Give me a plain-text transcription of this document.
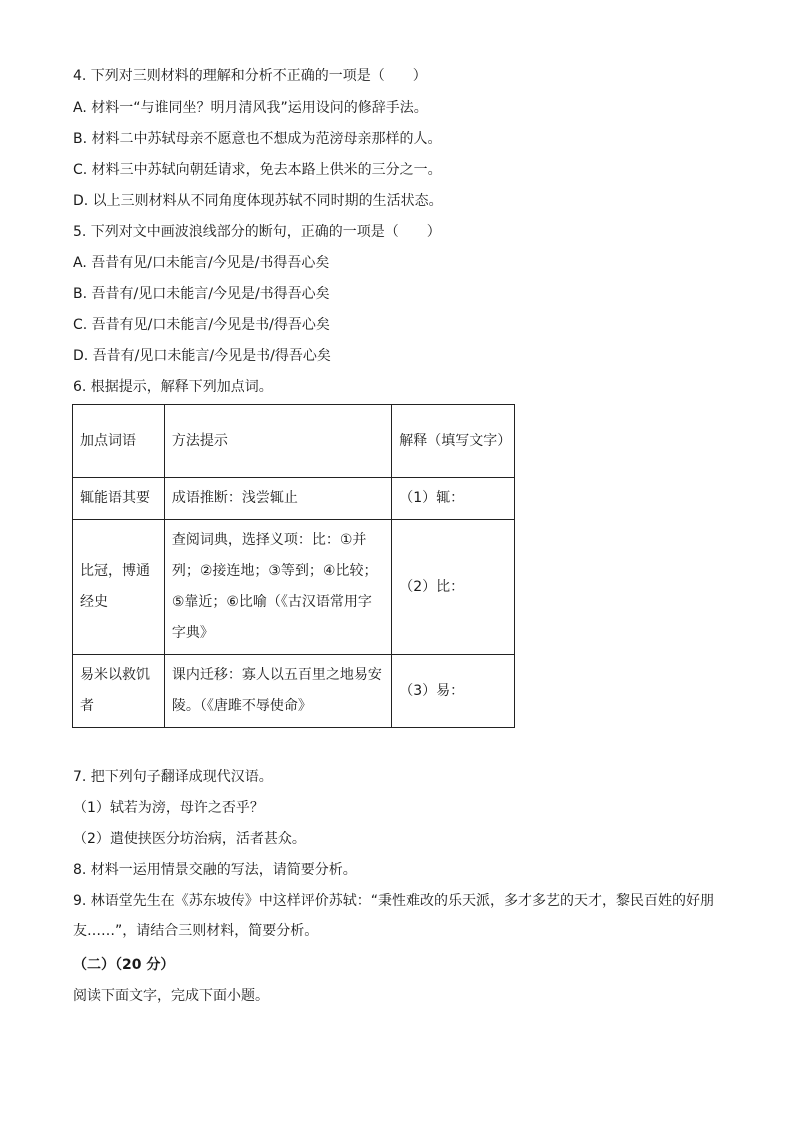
4. 下列对三则材料的理解和分析不正确的一项是（　　）

A. 材料一“与谁同坐？明月清风我”运用设问的修辞手法。

B. 材料二中苏轼母亲不愿意也不想成为范滂母亲那样的人。

C. 材料三中苏轼向朝廷请求，免去本路上供米的三分之一。

D. 以上三则材料从不同角度体现苏轼不同时期的生活状态。

5. 下列对文中画波浪线部分的断句，正确的一项是（　　）

A. 吾昔有见/口未能言/今见是/书得吾心矣

B. 吾昔有/见口未能言/今见是/书得吾心矣

C. 吾昔有见/口未能言/今见是书/得吾心矣

D. 吾昔有/见口未能言/今见是书/得吾心矣

6. 根据提示，解释下列加点词。

加点词语	方法提示	解释（填写文字）
辄能语其要	成语推断：浅尝辄止	（1）辄：
比冠，博通经史	查阅词典，选择义项：比：①并列；②接连地；③等到；④比较；⑤靠近；⑥比喻（《古汉语常用字字典》	（2）比：
易米以救饥者	课内迁移：寡人以五百里之地易安陵。（《唐雎不辱使命》	（3）易：

7. 把下列句子翻译成现代汉语。

（1）轼若为滂，母许之否乎？

（2）遣使挟医分坊治病，活者甚众。

8. 材料一运用情景交融的写法，请简要分析。

9. 林语堂先生在《苏东坡传》中这样评价苏轼：“秉性难改的乐天派，多才多艺的天才，黎民百姓的好朋友……”，请结合三则材料，简要分析。

（二）（20 分）

阅读下面文字，完成下面小题。
